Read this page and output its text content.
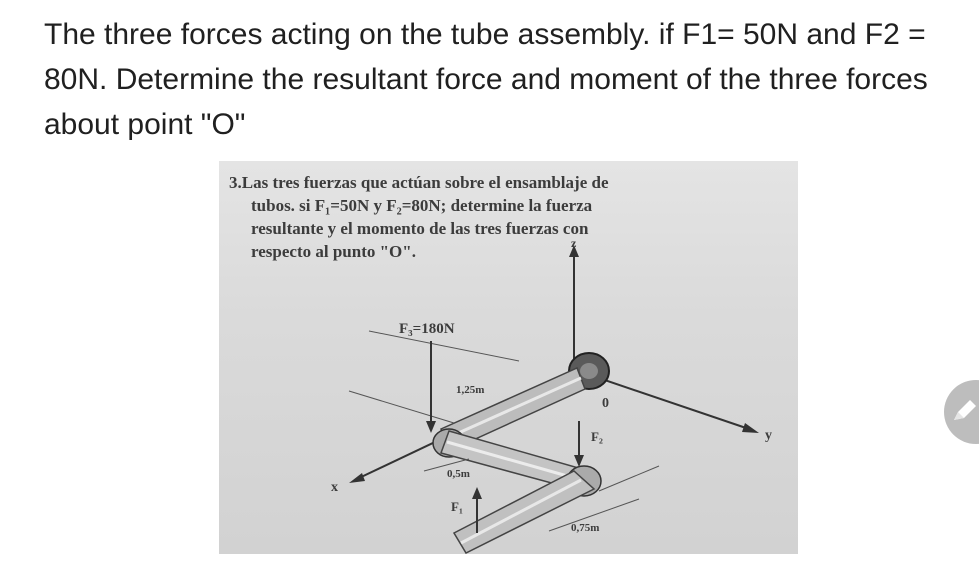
The three forces acting on the tube assembly. if F1= 50N and F2 = 80N. Determine the resultant force and moment of the three forces about point "O"

3.Las tres fuerzas que actúan sobre el ensamblaje de
tubos. si F₁=50N y F₂=80N; determine la fuerza
resultante y el momento de las tres fuerzas con
respecto al punto "O".	z
y
x
0
F₃=180N
F₂
F₁
1,25m
0,5m
0,75m
